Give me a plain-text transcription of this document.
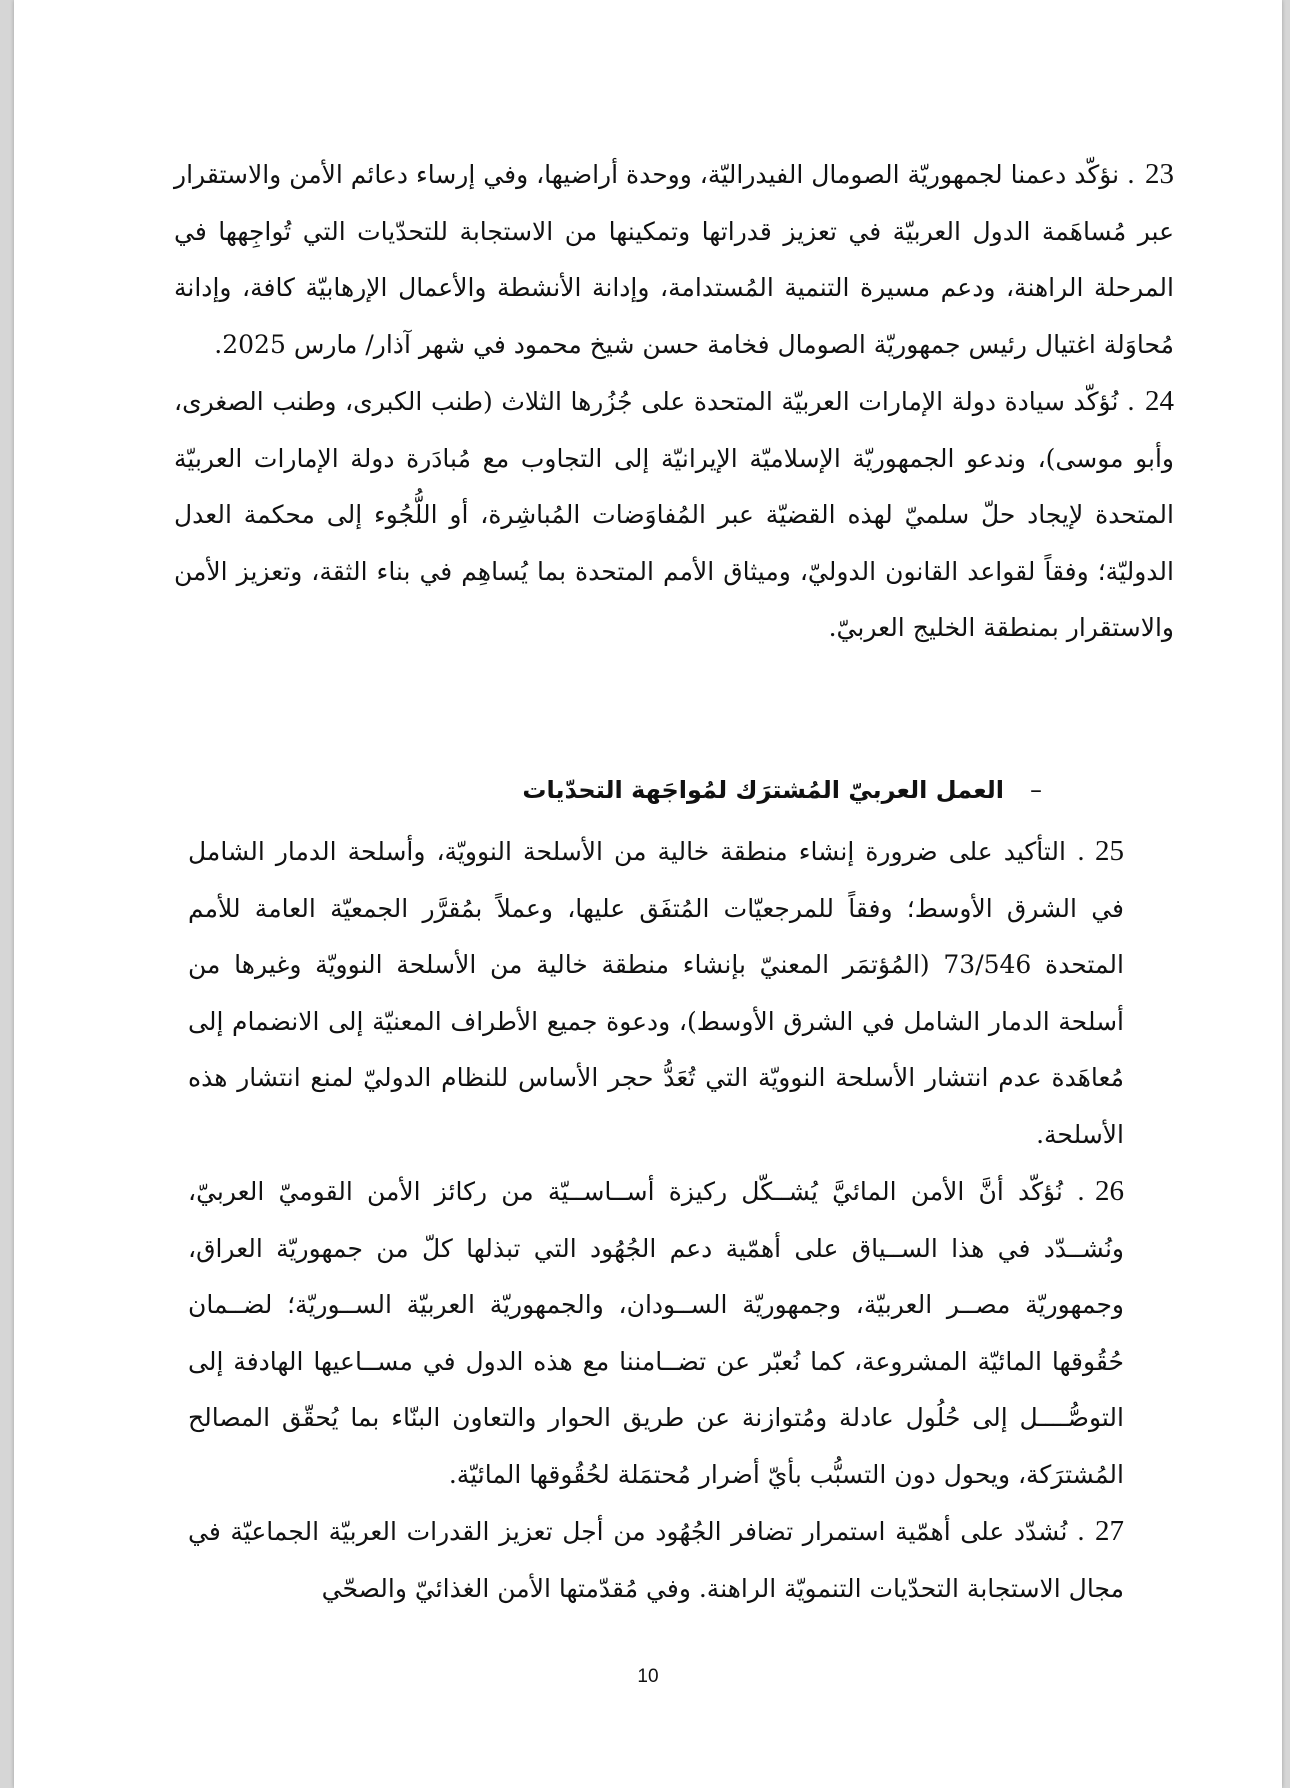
23. نؤكّد دعمنا لجمهوريّة الصومال الفيدراليّة، ووحدة أراضيها، وفي إرساء دعائم الأمن والاستقرار عبر مُساهَمة الدول العربيّة في تعزيز قدراتها وتمكينها من الاستجابة للتحدّيات التي تُواجِهها في المرحلة الراهنة، ودعم مسيرة التنمية المُستدامة، وإدانة الأنشطة والأعمال الإرهابيّة كافة، وإدانة مُحاوَلة اغتيال رئيس جمهوريّة الصومال فخامة حسن شيخ محمود في شهر آذار/ مارس 2025.

24. نُؤكّد سيادة دولة الإمارات العربيّة المتحدة على جُزُرها الثلاث (طنب الكبرى، وطنب الصغرى، وأبو موسى)، وندعو الجمهوريّة الإسلاميّة الإيرانيّة إلى التجاوب مع مُبادَرة دولة الإمارات العربيّة المتحدة لإيجاد حلّ سلميّ لهذه القضيّة عبر المُفاوَضات المُباشِرة، أو اللُّجُوء إلى محكمة العدل الدوليّة؛ وفقاً لقواعد القانون الدوليّ، وميثاق الأمم المتحدة بما يُساهِم في بناء الثقة، وتعزيز الأمن والاستقرار بمنطقة الخليج العربيّ.

–العمل العربيّ المُشترَك لمُواجَهة التحدّيات

25. التأكيد على ضرورة إنشاء منطقة خالية من الأسلحة النوويّة، وأسلحة الدمار الشامل في الشرق الأوسط؛ وفقاً للمرجعيّات المُتفَق عليها، وعملاً بمُقرَّر الجمعيّة العامة للأمم المتحدة 73/546 (المُؤتمَر المعنيّ بإنشاء منطقة خالية من الأسلحة النوويّة وغيرها من أسلحة الدمار الشامل في الشرق الأوسط)، ودعوة جميع الأطراف المعنيّة إلى الانضمام إلى مُعاهَدة عدم انتشار الأسلحة النوويّة التي تُعَدُّ حجر الأساس للنظام الدوليّ لمنع انتشار هذه الأسلحة.

26. نُؤكّد أنَّ الأمن المائيَّ يُشــكّل ركيزة أســاســيّة من ركائز الأمن القوميّ العربيّ، ونُشــدّد في هذا الســياق على أهمّية دعم الجُهُود التي تبذلها كلّ من جمهوريّة العراق، وجمهوريّة مصــر العربيّة، وجمهوريّة الســودان، والجمهوريّة العربيّة الســوريّة؛ لضــمان حُقُوقها المائيّة المشروعة، كما نُعبّر عن تضــامننا مع هذه الدول في مســاعيها الهادفة إلى التوصُّــــل إلى حُلُول عادلة ومُتوازنة عن طريق الحوار والتعاون البنّاء بما يُحقّق المصالح المُشترَكة، ويحول دون التسبُّب بأيّ أضرار مُحتمَلة لحُقُوقها المائيّة.

27. نُشدّد على أهمّية استمرار تضافر الجُهُود من أجل تعزيز القدرات العربيّة الجماعيّة في مجال الاستجابة التحدّيات التنمويّة الراهنة. وفي مُقدّمتها الأمن الغذائيّ والصحّي

10
